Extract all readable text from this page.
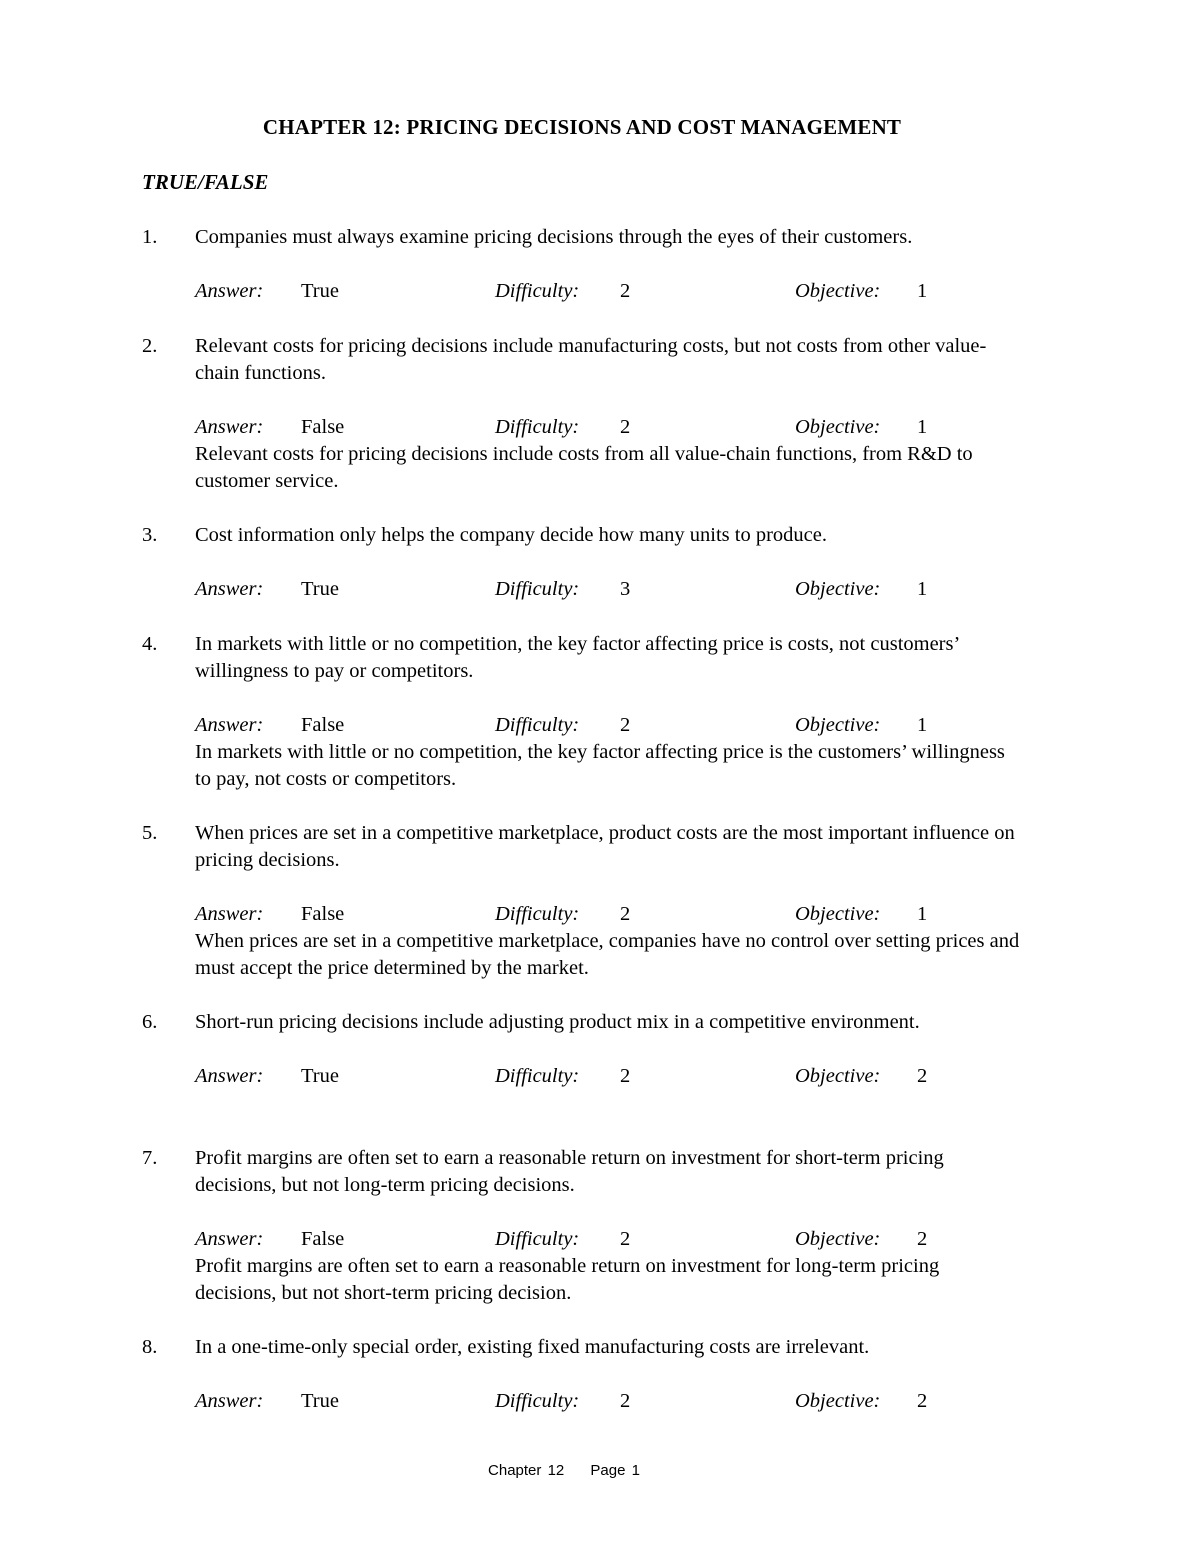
CHAPTER 12: PRICING DECISIONS AND COST MANAGEMENT
TRUE/FALSE
1. Companies must always examine pricing decisions through the eyes of their customers.
Answer: True	Difficulty: 2	Objective: 1
2. Relevant costs for pricing decisions include manufacturing costs, but not costs from other value-chain functions.
Answer: False	Difficulty: 2	Objective: 1
Relevant costs for pricing decisions include costs from all value-chain functions, from R&D to customer service.
3. Cost information only helps the company decide how many units to produce.
Answer: True	Difficulty: 3	Objective: 1
4. In markets with little or no competition, the key factor affecting price is costs, not customers’ willingness to pay or competitors.
Answer: False	Difficulty: 2	Objective: 1
In markets with little or no competition, the key factor affecting price is the customers’ willingness to pay, not costs or competitors.
5. When prices are set in a competitive marketplace, product costs are the most important influence on pricing decisions.
Answer: False	Difficulty: 2	Objective: 1
When prices are set in a competitive marketplace, companies have no control over setting prices and must accept the price determined by the market.
6. Short-run pricing decisions include adjusting product mix in a competitive environment.
Answer: True	Difficulty: 2	Objective: 2
7. Profit margins are often set to earn a reasonable return on investment for short-term pricing decisions, but not long-term pricing decisions.
Answer: False	Difficulty: 2	Objective: 2
Profit margins are often set to earn a reasonable return on investment for long-term pricing decisions, but not short-term pricing decision.
8. In a one-time-only special order, existing fixed manufacturing costs are irrelevant.
Answer: True	Difficulty: 2	Objective: 2
Chapter 12 Page 1
